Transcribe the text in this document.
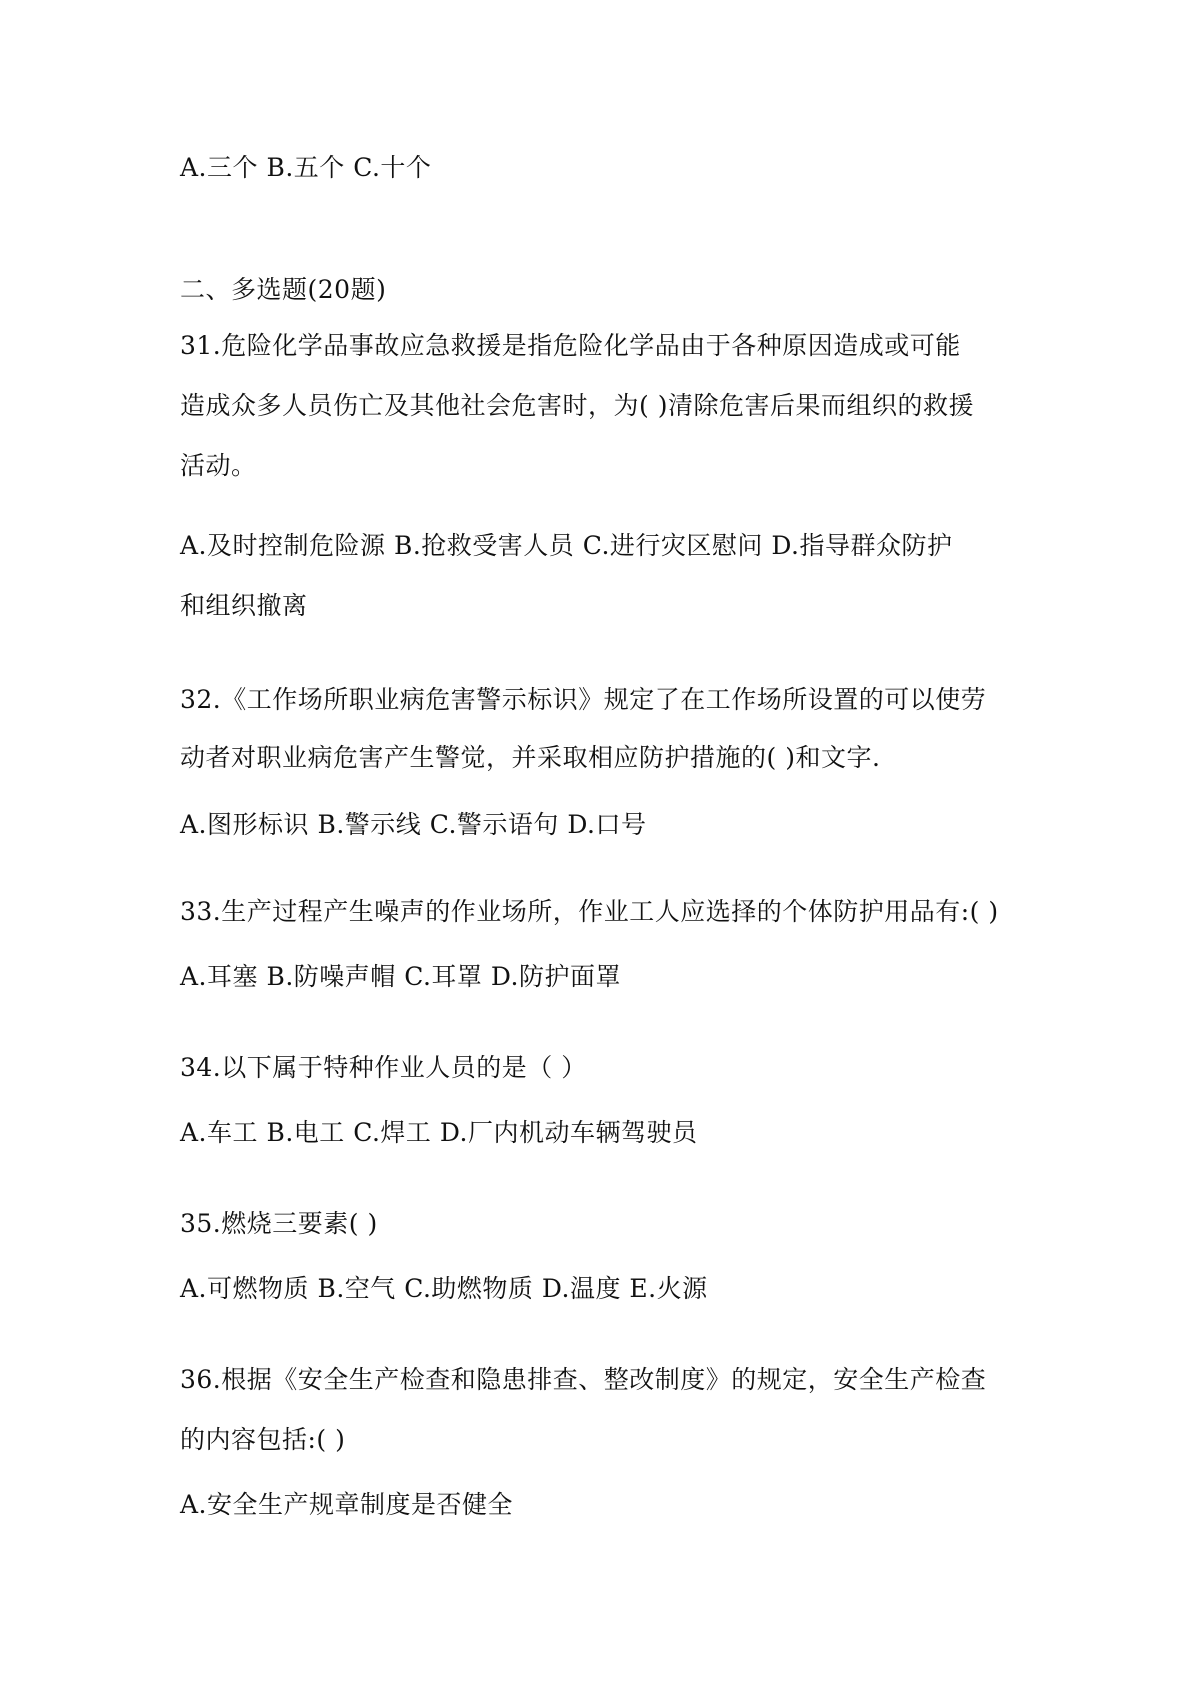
A.三个 B.五个 C.十个
二、多选题(20题)
31.危险化学品事故应急救援是指危险化学品由于各种原因造成或可能
造成众多人员伤亡及其他社会危害时，为( )清除危害后果而组织的救援
活动。
A.及时控制危险源 B.抢救受害人员 C.进行灾区慰问 D.指导群众防护
和组织撤离
32.《工作场所职业病危害警示标识》规定了在工作场所设置的可以使劳
动者对职业病危害产生警觉，并采取相应防护措施的( )和文字.
A.图形标识 B.警示线 C.警示语句 D.口号
33.生产过程产生噪声的作业场所，作业工人应选择的个体防护用品有:( )
A.耳塞 B.防噪声帽 C.耳罩 D.防护面罩
34.以下属于特种作业人员的是（ ）
A.车工 B.电工 C.焊工 D.厂内机动车辆驾驶员
35.燃烧三要素( )
A.可燃物质 B.空气 C.助燃物质 D.温度 E.火源
36.根据《安全生产检查和隐患排查、整改制度》的规定，安全生产检查
的内容包括:( )
A.安全生产规章制度是否健全
